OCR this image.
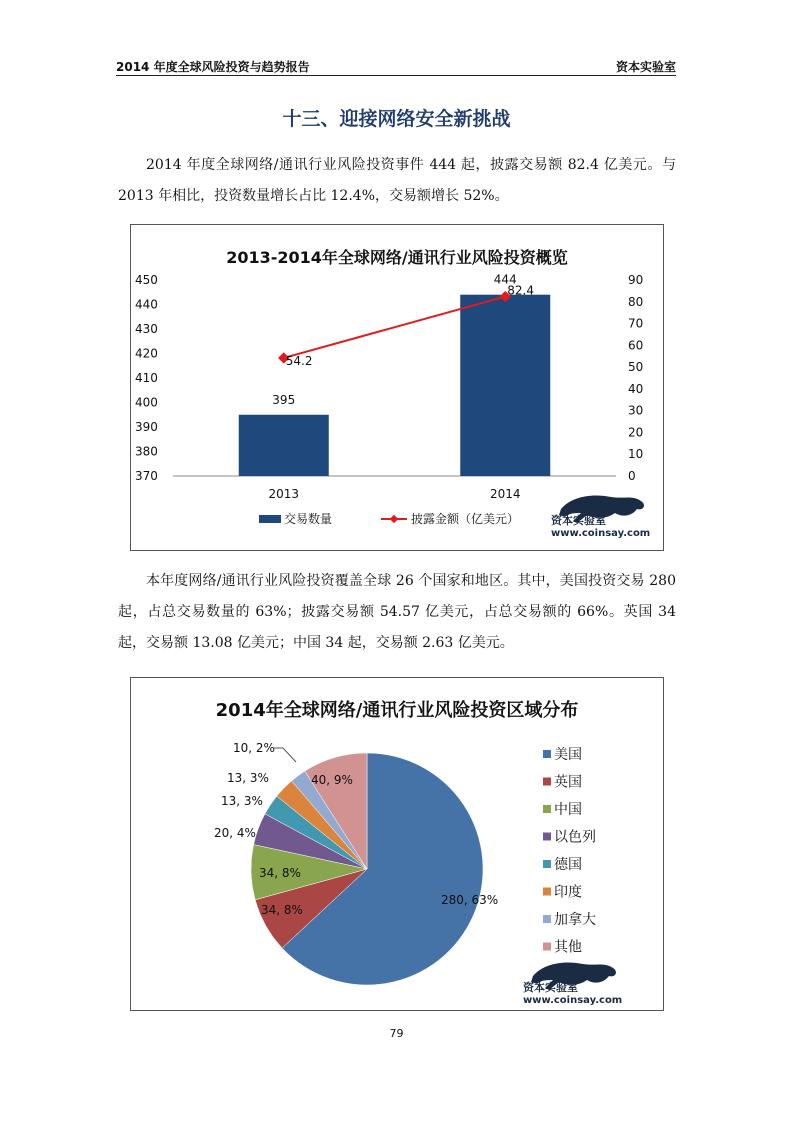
2014 年度全球风险投资与趋势报告	资本实验室
十三、迎接网络安全新挑战

2014 年度全球网络/通讯行业风险投资事件 444 起，披露交易额 82.4 亿美元。与 2013 年相比，投资数量增长占比 12.4%，交易额增长 52%。

2013-2014年全球网络/通讯行业风险投资概览
370
380
390
400
410
420
430
440
450
0
10
20
30
40
50
60
70
80
90
395
2013
444
2014
54.2
82.4
交易数量	披露金额（亿美元）	资本实验室
www.coinsay.com

本年度网络/通讯行业风险投资覆盖全球 26 个国家和地区。其中，美国投资交易 280 起，占总交易数量的 63%；披露交易额 54.57 亿美元，占总交易额的 66%。英国 34 起，交易额 13.08 亿美元；中国 34 起，交易额 2.63 亿美元。

2014年全球网络/通讯行业风险投资区域分布
280, 63%
34, 8%
34, 8%
20, 4%
13, 3%
13, 3%
10, 2%
40, 9%
美国
英国
中国
以色列
德国
印度
加拿大
其他
资本实验室
www.coinsay.com
79
